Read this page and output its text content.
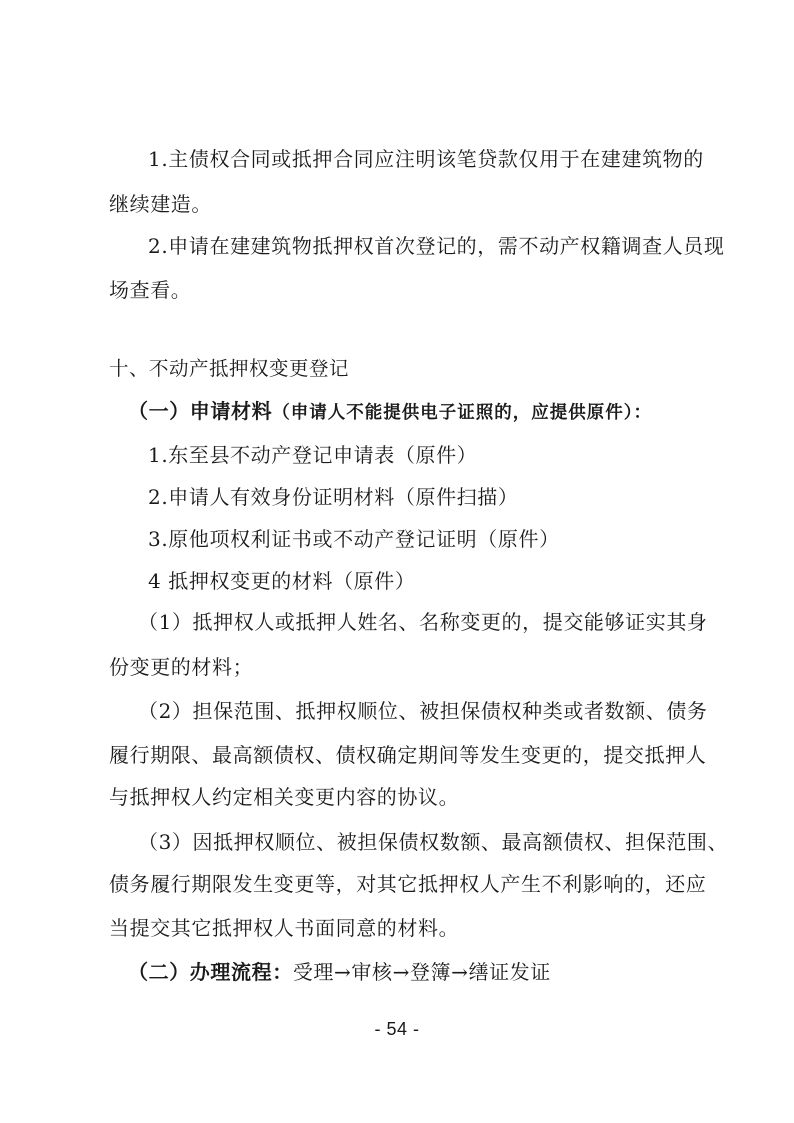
1.主债权合同或抵押合同应注明该笔贷款仅用于在建建筑物的
继续建造。
2.申请在建建筑物抵押权首次登记的，需不动产权籍调查人员现
场查看。
十、不动产抵押权变更登记
（一）申请材料（申请人不能提供电子证照的，应提供原件）：
1.东至县不动产登记申请表（原件）
2.申请人有效身份证明材料（原件扫描）
3.原他项权利证书或不动产登记证明（原件）
4 抵押权变更的材料（原件）
（1）抵押权人或抵押人姓名、名称变更的，提交能够证实其身
份变更的材料；
（2）担保范围、抵押权顺位、被担保债权种类或者数额、债务
履行期限、最高额债权、债权确定期间等发生变更的，提交抵押人
与抵押权人约定相关变更内容的协议。
（3）因抵押权顺位、被担保债权数额、最高额债权、担保范围、
债务履行期限发生变更等，对其它抵押权人产生不利影响的，还应
当提交其它抵押权人书面同意的材料。
（二）办理流程：受理→审核→登簿→缮证发证
- 54 -
